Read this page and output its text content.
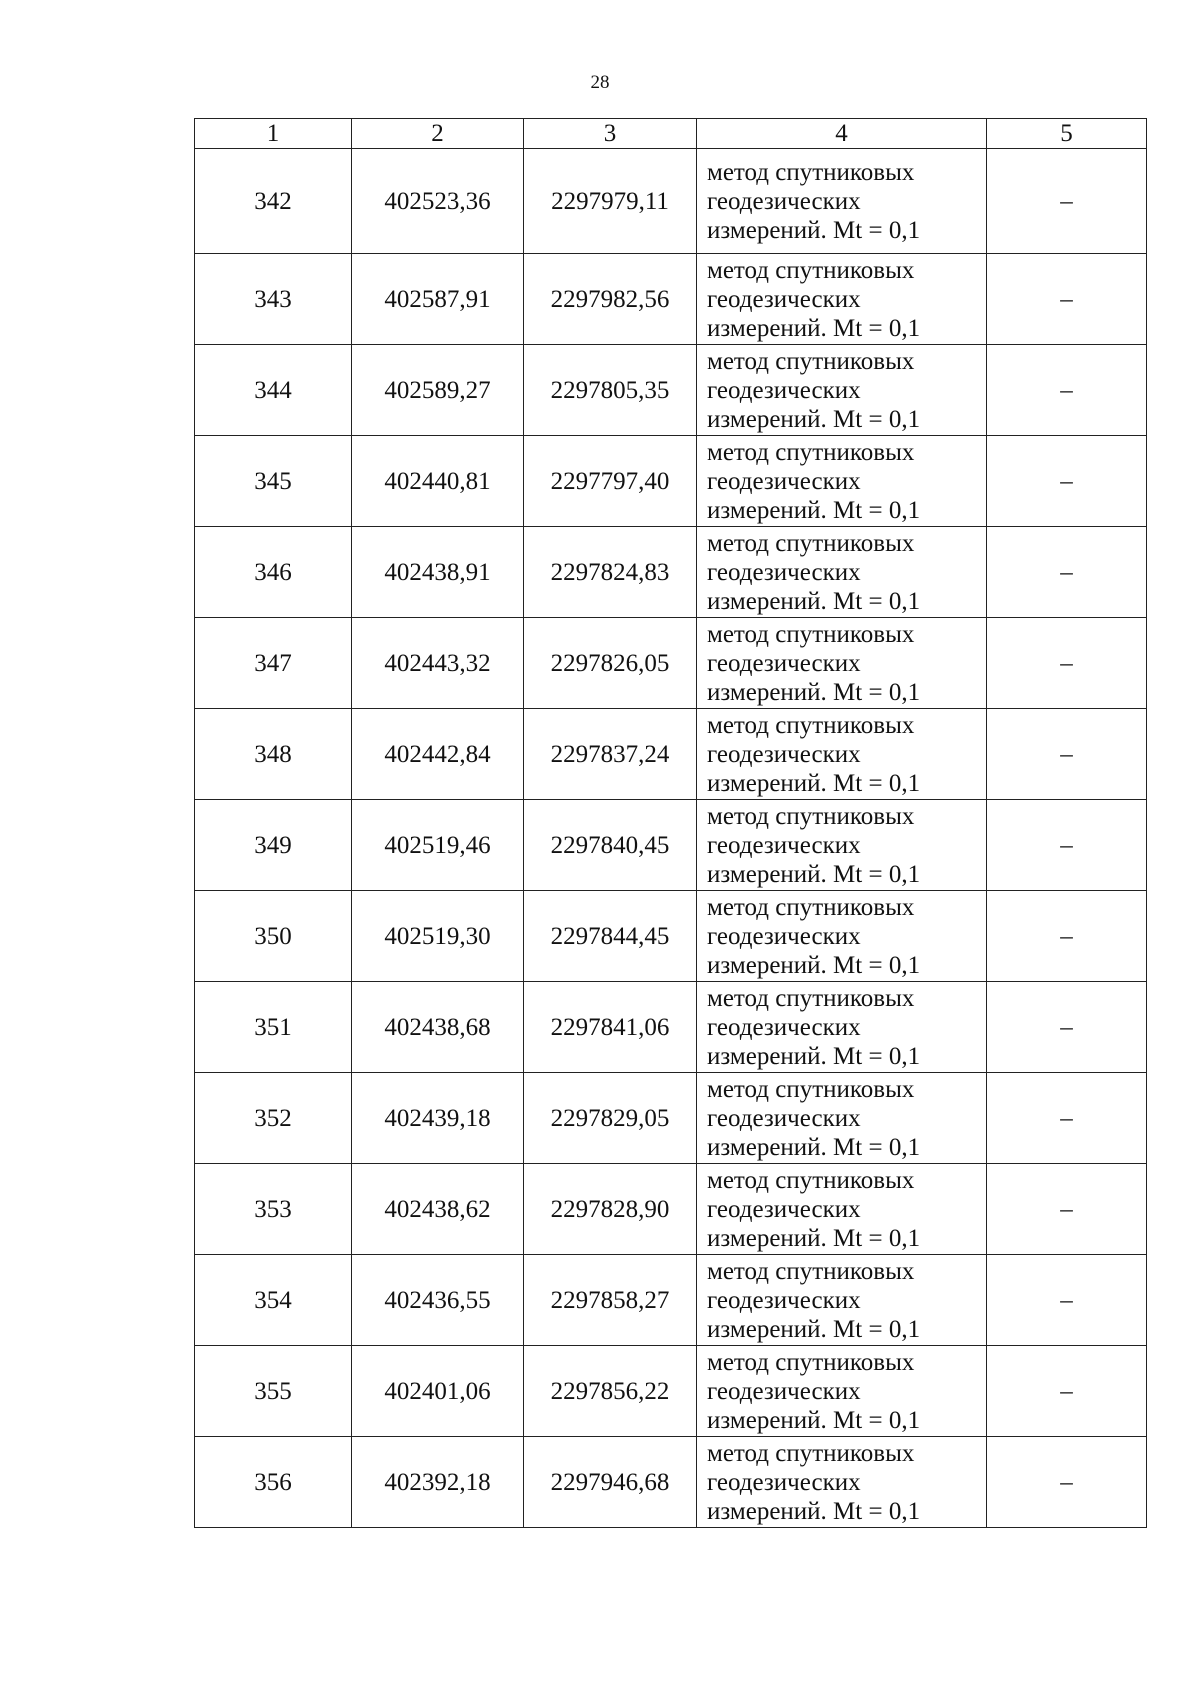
28
1	2	3	4	5
342	402523,36	2297979,11	метод спутниковых
геодезических
измерений. Mt = 0,1	–
343	402587,91	2297982,56	метод спутниковых
геодезических
измерений. Mt = 0,1	–
344	402589,27	2297805,35	метод спутниковых
геодезических
измерений. Mt = 0,1	–
345	402440,81	2297797,40	метод спутниковых
геодезических
измерений. Mt = 0,1	–
346	402438,91	2297824,83	метод спутниковых
геодезических
измерений. Mt = 0,1	–
347	402443,32	2297826,05	метод спутниковых
геодезических
измерений. Mt = 0,1	–
348	402442,84	2297837,24	метод спутниковых
геодезических
измерений. Mt = 0,1	–
349	402519,46	2297840,45	метод спутниковых
геодезических
измерений. Mt = 0,1	–
350	402519,30	2297844,45	метод спутниковых
геодезических
измерений. Mt = 0,1	–
351	402438,68	2297841,06	метод спутниковых
геодезических
измерений. Mt = 0,1	–
352	402439,18	2297829,05	метод спутниковых
геодезических
измерений. Mt = 0,1	–
353	402438,62	2297828,90	метод спутниковых
геодезических
измерений. Mt = 0,1	–
354	402436,55	2297858,27	метод спутниковых
геодезических
измерений. Mt = 0,1	–
355	402401,06	2297856,22	метод спутниковых
геодезических
измерений. Mt = 0,1	–
356	402392,18	2297946,68	метод спутниковых
геодезических
измерений. Mt = 0,1	–
